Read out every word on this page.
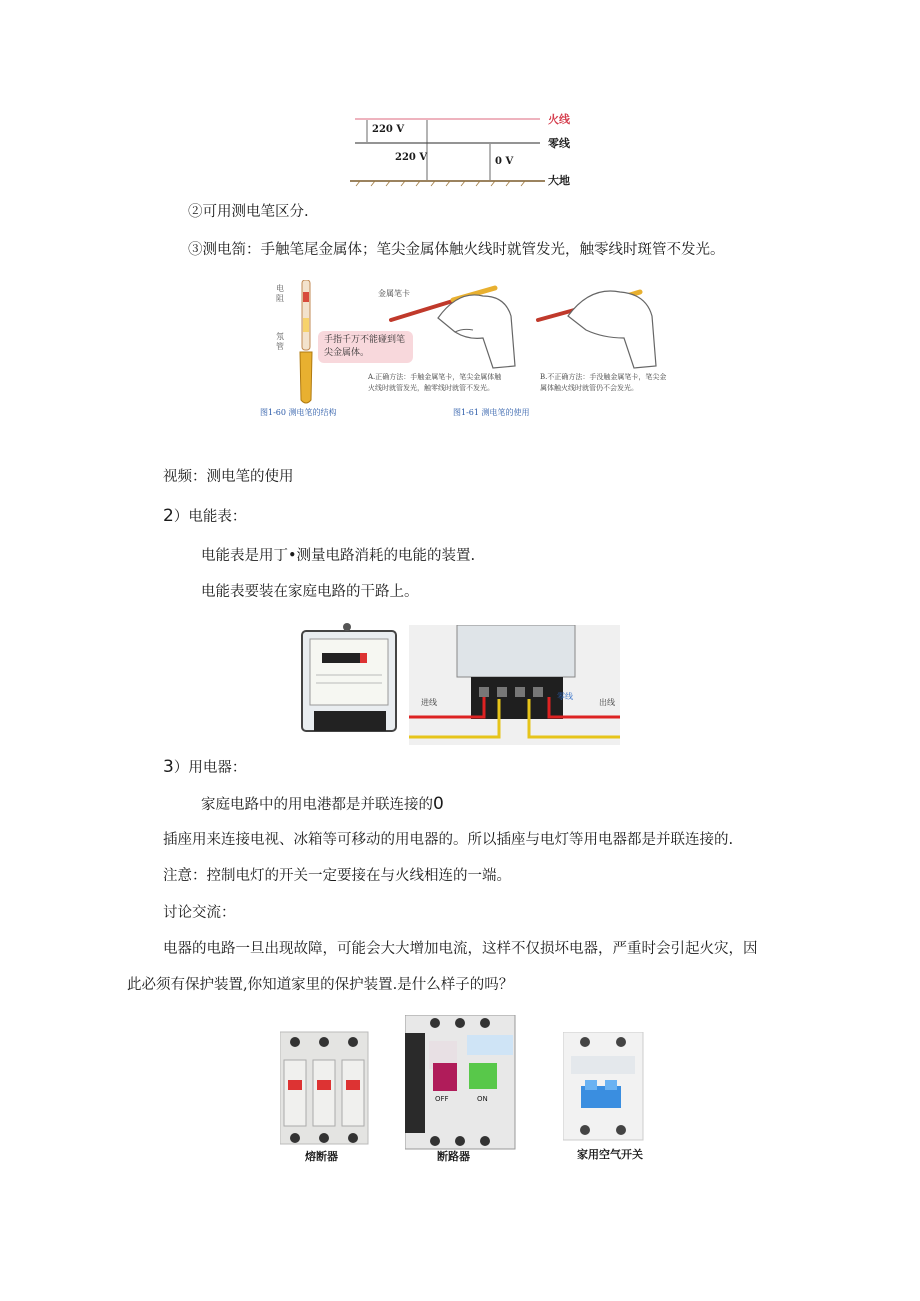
220 V
220 V	0 V
火线
零线
大地
②可用测电笔区分.
③测电箚：手触笔尾金属体；笔尖金属体触火线时就管发光，触零线时斑管不发光。
电阻
氖管
手指千万不能碰到笔尖金属体。
金属笔卡
A.正确方法：手触金属笔卡，笔尖金属体触火线时就管发光，触零线时就管不发光。
B.不正确方法：手没触金属笔卡，笔尖金属体触火线时就管仍不会发光。
图1-60 测电笔的结构	图1-61 测电笔的使用
视频：测电笔的使用
2）电能表：
电能表是用丁•测量电路消耗的电能的装置.
电能表要装在家庭电路的干路上。
进线
零线
出线
3）用电器：
家庭电路中的用电港都是并联连接的0
插座用来连接电视、冰箱等可移动的用电器的。所以插座与电灯等用电器都是并联连接的.
注意：控制电灯的开关一定要接在与火线相连的一端。
讨论交流：
电器的电路一旦出现故障，可能会大大增加电流，这样不仅损坏电器，严重时会引起火灾，因
此必须有保护装置,你知道家里的保护装置.是什么样子的吗？
熔断器
OFF	ON
断路器	家用空气开关
